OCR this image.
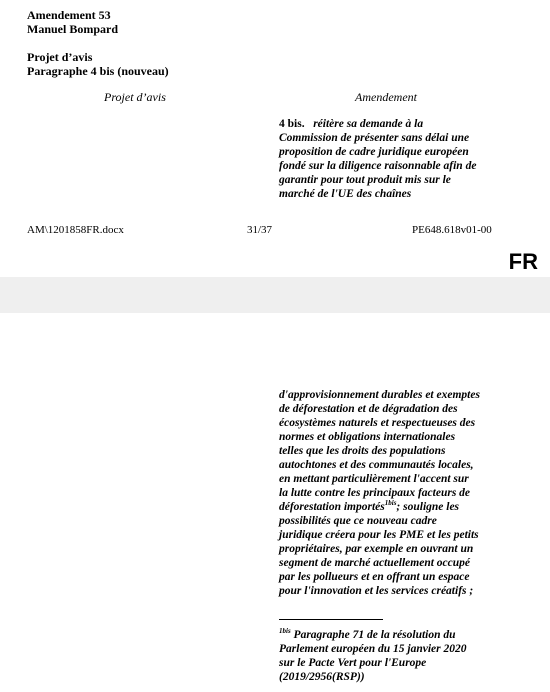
Amendement 53
Manuel Bompard
Projet d’avis
Paragraphe 4 bis (nouveau)
Projet d’avis	Amendement
4 bis. réitère sa demande à la
Commission de présenter sans délai une
proposition de cadre juridique européen
fondé sur la diligence raisonnable afin de
garantir pour tout produit mis sur le
marché de l'UE des chaînes
AM\1201858FR.docx	31/37	PE648.618v01-00
FR
d'approvisionnement durables et exemptes
de déforestation et de dégradation des
écosystèmes naturels et respectueuses des
normes et obligations internationales
telles que les droits des populations
autochtones et des communautés locales,
en mettant particulièrement l'accent sur
la lutte contre les principaux facteurs de
déforestation importés$^{1bis}$; souligne les
possibilités que ce nouveau cadre
juridique créera pour les PME et les petits
propriétaires, par exemple en ouvrant un
segment de marché actuellement occupé
par les pollueurs et en offrant un espace
pour l'innovation et les services créatifs ;
$^{1bis}$ Paragraphe 71 de la résolution du
Parlement européen du 15 janvier 2020
sur le Pacte Vert pour l'Europe
(2019/2956(RSP))
